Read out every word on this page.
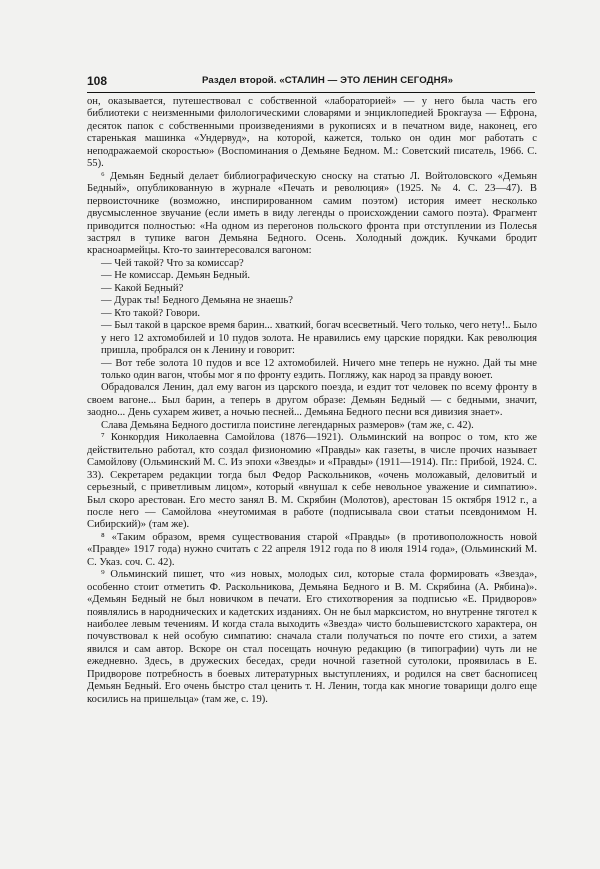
108	Раздел второй. «СТАЛИН — ЭТО ЛЕНИН СЕГОДНЯ»

он, оказывается, путешествовал с собственной «лабораторией» — у него была часть его библиотеки с неизменными филологическими словарями и энциклопедией Брокгауза — Ефрона, десяток папок с собственными произведениями в рукописях и в печатном виде, наконец, его старенькая машинка «Ундервуд», на которой, кажется, только он один мог работать с неподражаемой скоростью» (Воспоминания о Демьяне Бедном. М.: Советский писатель, 1966. С. 55).

⁶ Демьян Бедный делает библиографическую сноску на статью Л. Войтоловского «Демьян Бедный», опубликованную в журнале «Печать и революция» (1925. № 4. С. 23—47). В первоисточнике (возможно, инспирированном самим поэтом) история имеет несколько двусмысленное звучание (если иметь в виду легенды о происхождении самого поэта). Фрагмент приводится полностью: «На одном из перегонов польского фронта при отступлении из Полесья застрял в тупике вагон Демьяна Бедного. Осень. Холодный дождик. Кучками бродит красноармейцы. Кто-то заинтересовался вагоном:

— Чей такой? Что за комиссар?

— Не комиссар. Демьян Бедный.

— Какой Бедный?

— Дурак ты! Бедного Демьяна не знаешь?

— Кто такой? Говори.

— Был такой в царское время барин... хваткий, богач всесветный. Чего только, чего нету!.. Было у него 12 ахтомобилей и 10 пудов золота. Не нравились ему царские порядки. Как революция пришла, пробрался он к Ленину и говорит:

— Вот тебе золота 10 пудов и все 12 ахтомобилей. Ничего мне теперь не нужно. Дай ты мне только один вагон, чтобы мог я по фронту ездить. Погляжу, как народ за правду воюет.

Обрадовался Ленин, дал ему вагон из царского поезда, и ездит тот человек по всему фронту в своем вагоне... Был барин, а теперь в другом образе: Демьян Бедный — с бедными, значит, заодно... День сухарем живет, а ночью песней... Демьяна Бедного песни вся дивизия знает».

Слава Демьяна Бедного достигла поистине легендарных размеров» (там же, с. 42).

⁷ Конкордия Николаевна Самойлова (1876—1921). Ольминский на вопрос о том, кто же действительно работал, кто создал физиономию «Правды» как газеты, в числе прочих называет Самойлову (Ольминский М. С. Из эпохи «Звезды» и «Правды» (1911—1914). Пг.: Прибой, 1924. С. 33). Секретарем редакции тогда был Федор Раскольников, «очень моложавый, деловитый и серьезный, с приветливым лицом», который «внушал к себе невольное уважение и симпатию». Был скоро арестован. Его место занял В. М. Скрябин (Молотов), арестован 15 октября 1912 г., а после него — Самойлова «неутомимая в работе (подписывала свои статьи псевдонимом Н. Сибирский)» (там же).

⁸ «Таким образом, время существования старой «Правды» (в противоположность новой «Правде» 1917 года) нужно считать с 22 апреля 1912 года по 8 июля 1914 года», (Ольминский М. С. Указ. соч. С. 42).

⁹ Ольминский пишет, что «из новых, молодых сил, которые стала формировать «Звезда», особенно стоит отметить Ф. Раскольникова, Демьяна Бедного и В. М. Скрябина (А. Рябина)». «Демьян Бедный не был новичком в печати. Его стихотворения за подписью «Е. Придворов» появлялись в народнических и кадетских изданиях. Он не был марксистом, но внутренне тяготел к наиболее левым течениям. И когда стала выходить «Звезда» чисто большевистского характера, он почувствовал к ней особую симпатию: сначала стали получаться по почте его стихи, а затем явился и сам автор. Вскоре он стал посещать ночную редакцию (в типографии) чуть ли не ежедневно. Здесь, в дружеских беседах, среди ночной газетной сутолоки, проявилась в Е. Придворове потребность в боевых литературных выступлениях, и родился на свет баснописец Демьян Бедный. Его очень быстро стал ценить т. Н. Ленин, тогда как многие товарищи долго еще косились на пришельца» (там же, с. 19).
